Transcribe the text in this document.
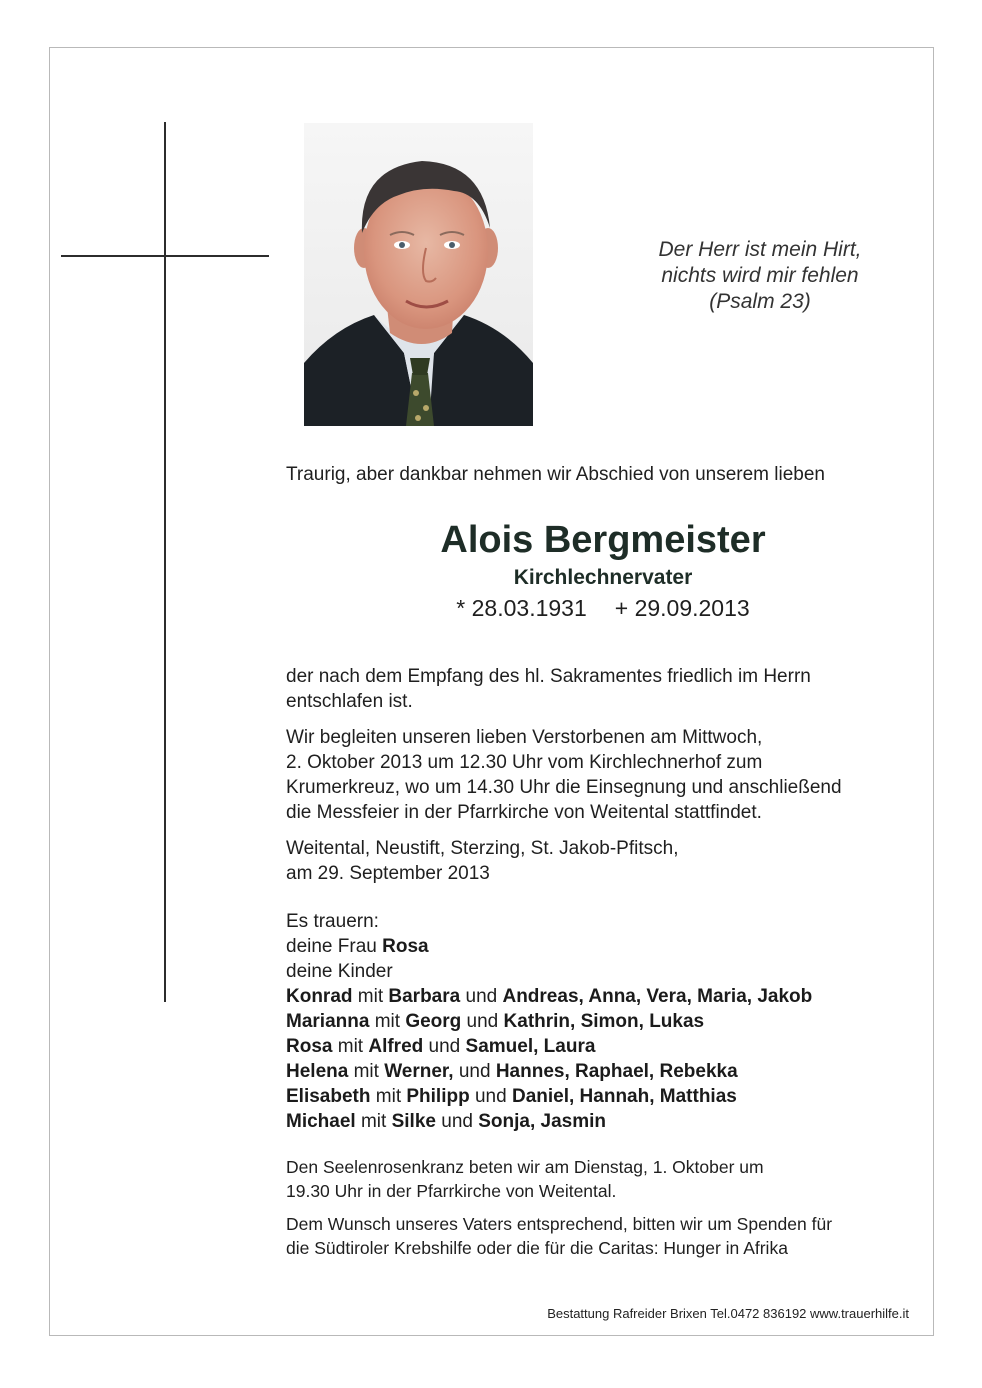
Der Herr ist mein Hirt,
nichts wird mir fehlen
(Psalm 23)
Traurig, aber dankbar nehmen wir Abschied von unserem lieben
Alois Bergmeister
Kirchlechnervater
* 28.03.1931 + 29.09.2013
der nach dem Empfang des hl. Sakramentes friedlich im Herrn
entschlafen ist.
Wir begleiten unseren lieben Verstorbenen am Mittwoch,
2. Oktober 2013 um 12.30 Uhr vom Kirchlechnerhof zum
Krumerkreuz, wo um 14.30 Uhr die Einsegnung und anschließend
die Messfeier in der Pfarrkirche von Weitental stattfindet.
Weitental, Neustift, Sterzing, St. Jakob-Pfitsch,
am 29. September 2013
Es trauern:
deine Frau Rosa
deine Kinder
Konrad mit Barbara und Andreas, Anna, Vera, Maria, Jakob
Marianna mit Georg und Kathrin, Simon, Lukas
Rosa mit Alfred und Samuel, Laura
Helena mit Werner, und Hannes, Raphael, Rebekka
Elisabeth mit Philipp und Daniel, Hannah, Matthias
Michael mit Silke und Sonja, Jasmin
Den Seelenrosenkranz beten wir am Dienstag, 1. Oktober um
19.30 Uhr in der Pfarrkirche von Weitental.
Dem Wunsch unseres Vaters entsprechend, bitten wir um Spenden für
die Südtiroler Krebshilfe oder die für die Caritas: Hunger in Afrika
Bestattung Rafreider Brixen Tel.0472 836192 www.trauerhilfe.it
